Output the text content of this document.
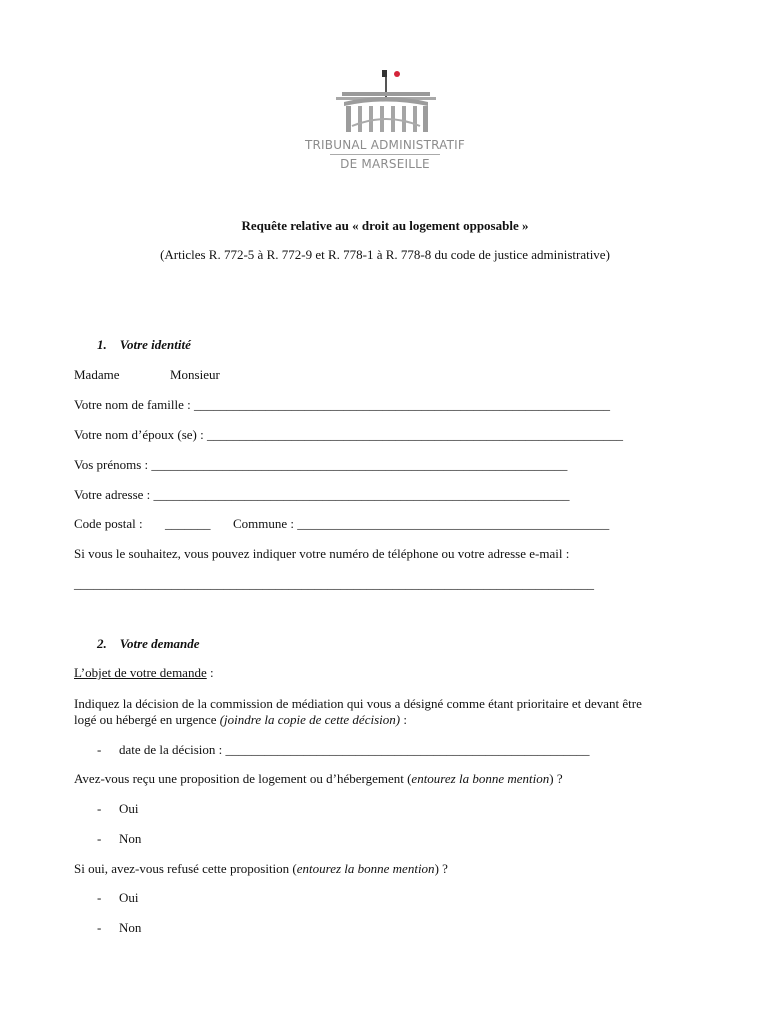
TRIBUNAL ADMINISTRATIF
DE MARSEILLE
Requête relative au « droit au logement opposable »
(Articles R. 772-5 à R. 772-9 et R. 778-1 à R. 778-8 du code de justice administrative)
1.    Votre identité
Madame	Monsieur
Votre nom de famille : ________________________________________________________________
Votre nom d’époux (se) : ________________________________________________________________
Vos prénoms : ________________________________________________________________
Votre adresse : ________________________________________________________________
Code postal : _______ Commune : ________________________________________________
Si vous le souhaitez, vous pouvez indiquer votre numéro de téléphone ou votre adresse e-mail :
________________________________________________________________________________
2.    Votre demande
L’objet de votre demande :
Indiquez la décision de la commission de médiation qui vous a désigné comme étant prioritaire et devant être
logé ou hébergé en urgence (joindre la copie de cette décision) :
- date de la décision : ________________________________________________________
Avez-vous reçu une proposition de logement ou d’hébergement (entourez la bonne mention) ?
- Oui
- Non
Si oui, avez-vous refusé cette proposition (entourez la bonne mention) ?
- Oui
- Non
